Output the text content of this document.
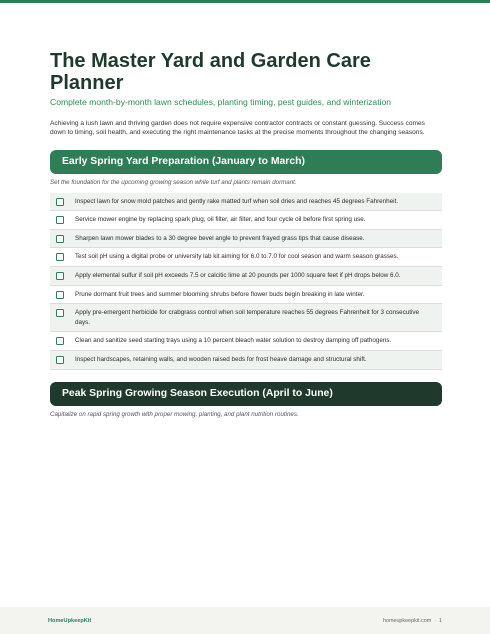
The Master Yard and Garden Care Planner
Complete month-by-month lawn schedules, planting timing, pest guides, and winterization

Achieving a lush lawn and thriving garden does not require expensive contractor contracts or constant guessing. Success comes down to timing, soil health, and executing the right maintenance tasks at the precise moments throughout the changing seasons.

Early Spring Yard Preparation (January to March)
Set the foundation for the upcoming growing season while turf and plants remain dormant.
Inspect lawn for snow mold patches and gently rake matted turf when soil dries and reaches 45 degrees Fahrenheit.
Service mower engine by replacing spark plug, oil filter, air filter, and four cycle oil before first spring use.
Sharpen lawn mower blades to a 30 degree bevel angle to prevent frayed grass tips that cause disease.
Test soil pH using a digital probe or university lab kit aiming for 6.0 to 7.0 for cool season and warm season grasses.
Apply elemental sulfur if soil pH exceeds 7.5 or calcitic lime at 20 pounds per 1000 square feet if pH drops below 6.0.
Prune dormant fruit trees and summer blooming shrubs before flower buds begin breaking in late winter.
Apply pre-emergent herbicide for crabgrass control when soil temperature reaches 55 degrees Fahrenheit for 3 consecutive days.
Clean and sanitize seed starting trays using a 10 percent bleach water solution to destroy damping off pathogens.
Inspect hardscapes, retaining walls, and wooden raised beds for frost heave damage and structural shift.
Peak Spring Growing Season Execution (April to June)
Capitalize on rapid spring growth with proper mowing, planting, and plant nutrition routines.
HomeUpkeepKit	homeupkeepkit.com · 1
